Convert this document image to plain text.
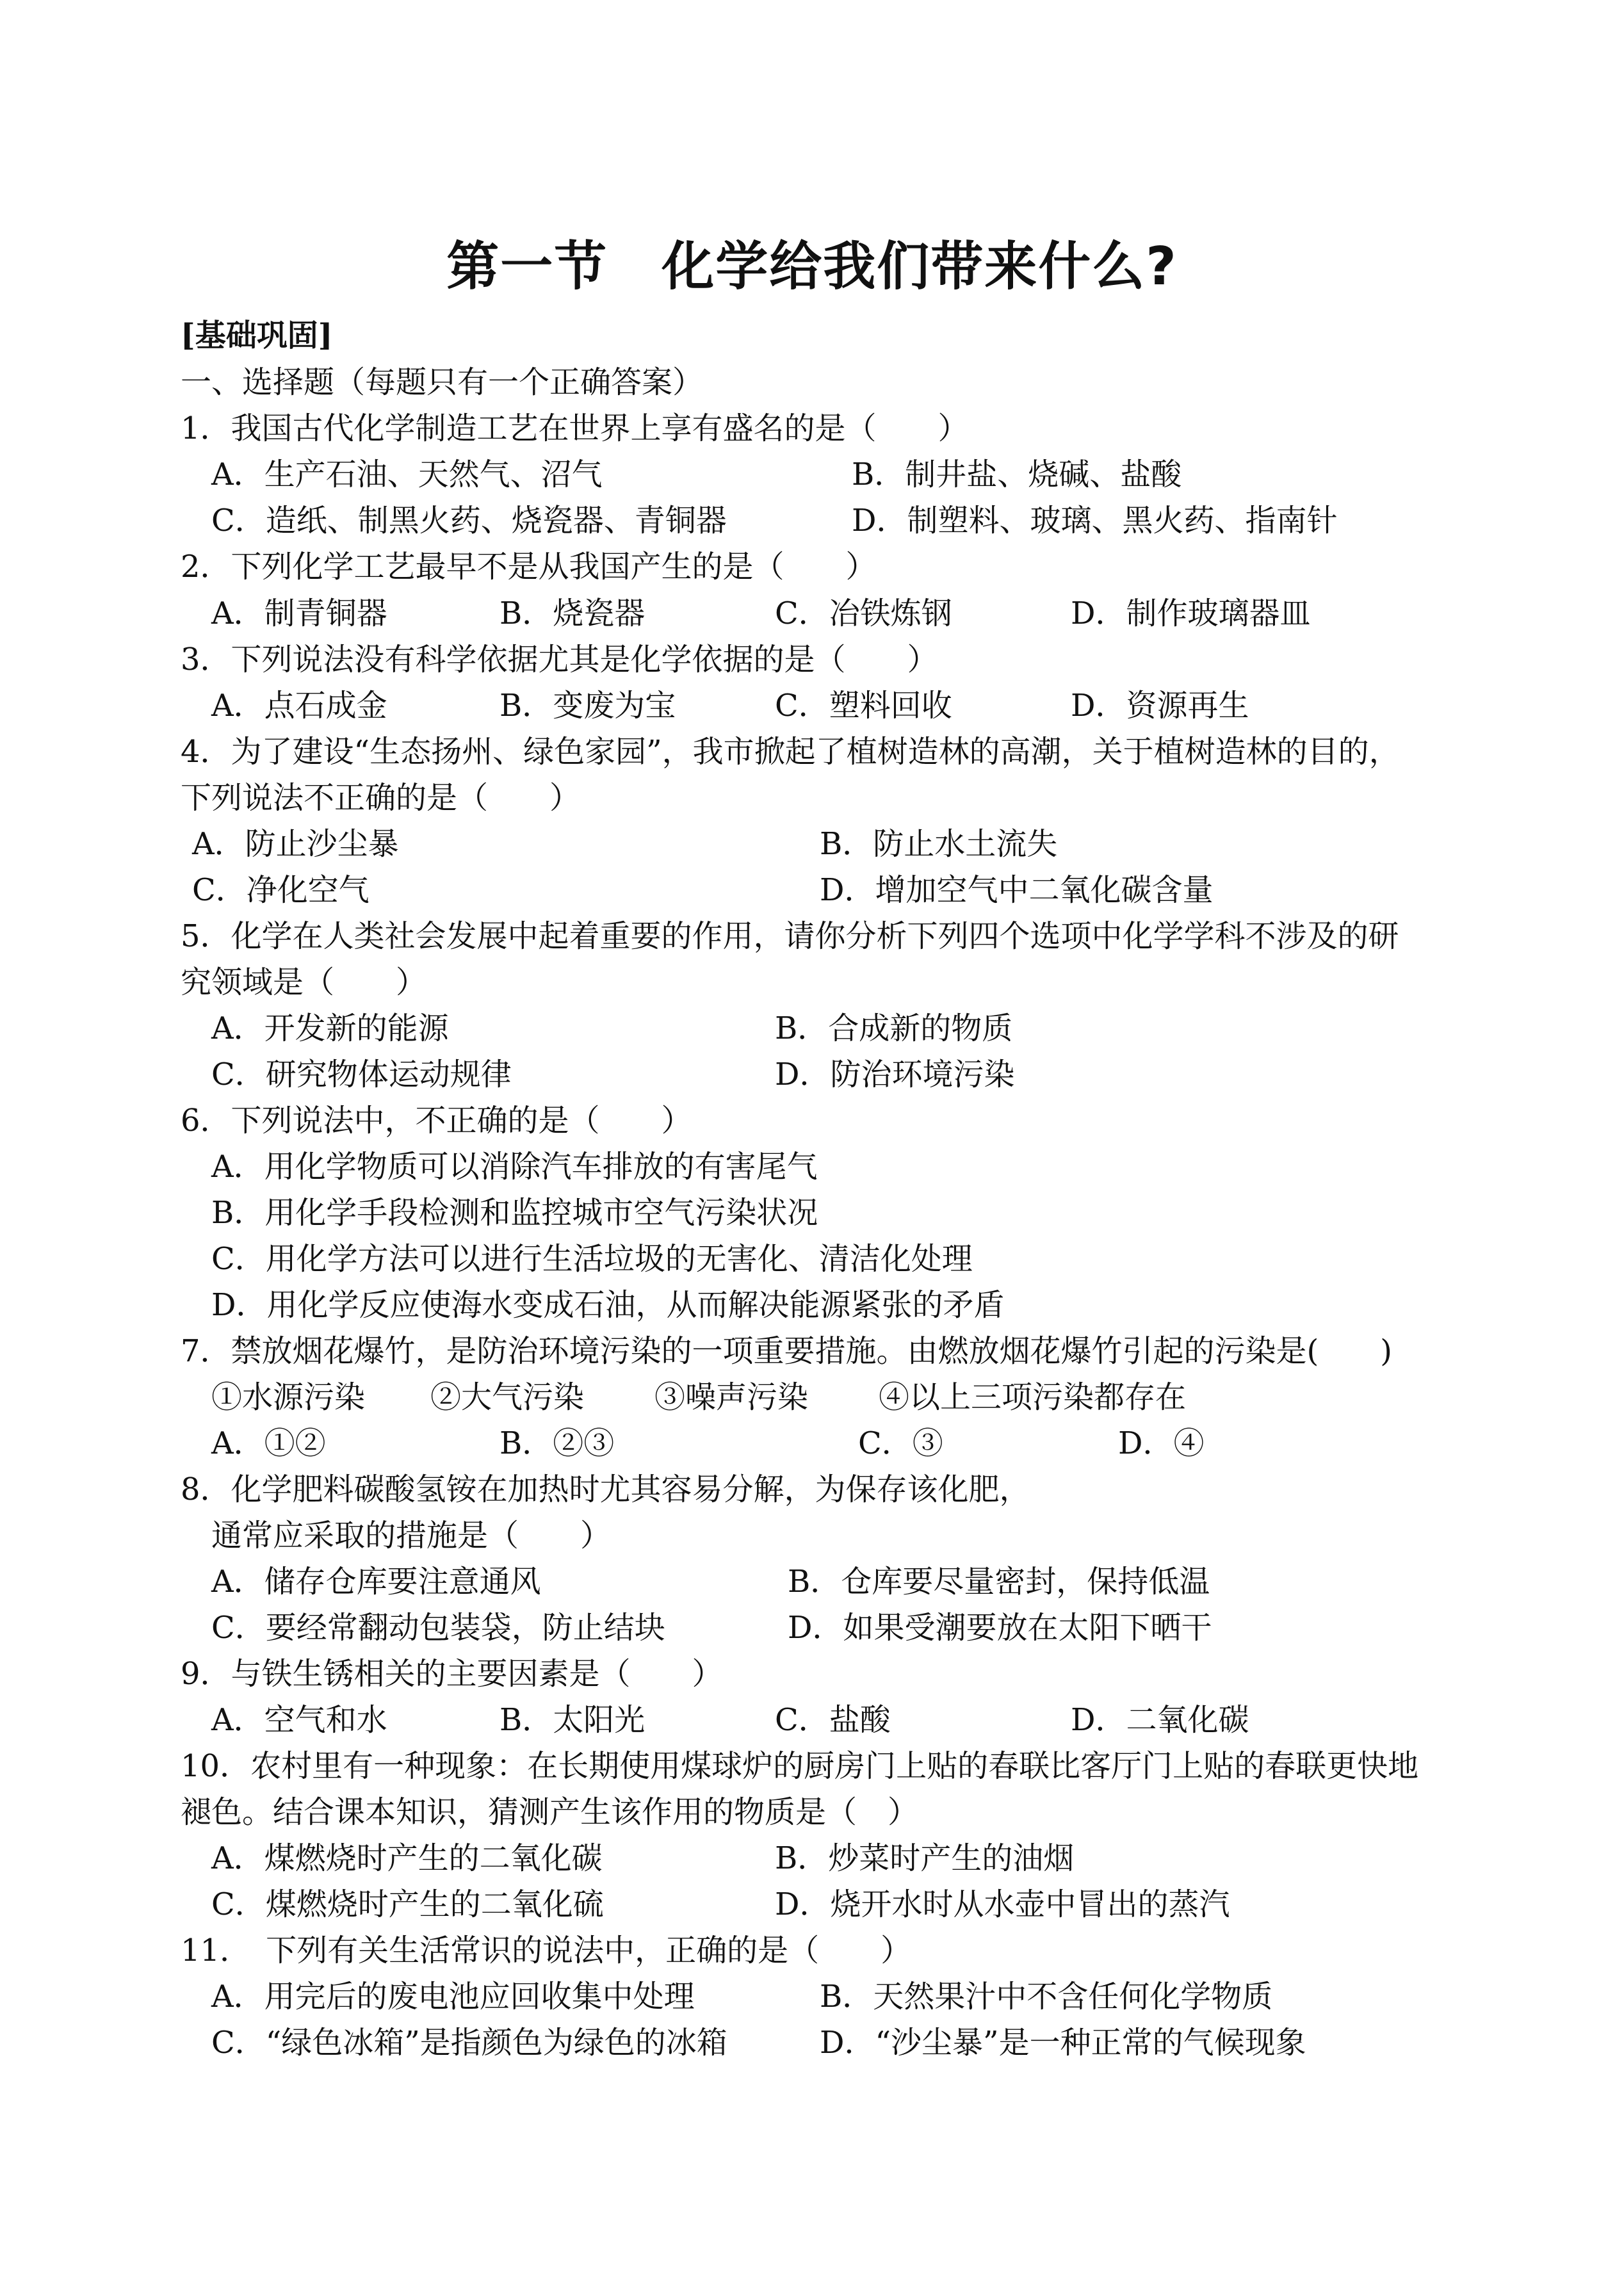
第一节　化学给我们带来什么?
[基础巩固]
一、选择题（每题只有一个正确答案）
1．我国古代化学制造工艺在世界上享有盛名的是（　　）
A．生产石油、天然气、沼气	B．制井盐、烧碱、盐酸
C．造纸、制黑火药、烧瓷器、青铜器	D．制塑料、玻璃、黑火药、指南针
2．下列化学工艺最早不是从我国产生的是（　　）
A．制青铜器	B．烧瓷器	C．冶铁炼钢	D．制作玻璃器皿
3．下列说法没有科学依据尤其是化学依据的是（　　）
A．点石成金	B．变废为宝	C．塑料回收	D．资源再生
4．为了建设“生态扬州、绿色家园”，我市掀起了植树造林的高潮，关于植树造林的目的，
下列说法不正确的是（　　）
A．防止沙尘暴	B．防止水土流失
C．净化空气	D．增加空气中二氧化碳含量
5．化学在人类社会发展中起着重要的作用，请你分析下列四个选项中化学学科不涉及的研
究领域是（　　）
A．开发新的能源	B．合成新的物质
C．研究物体运动规律	D．防治环境污染
6．下列说法中，不正确的是（　　）
A．用化学物质可以消除汽车排放的有害尾气
B．用化学手段检测和监控城市空气污染状况
C．用化学方法可以进行生活垃圾的无害化、清洁化处理
D．用化学反应使海水变成石油，从而解决能源紧张的矛盾
7．禁放烟花爆竹，是防治环境污染的一项重要措施。由燃放烟花爆竹引起的污染是(　　)
①水源污染 ②大气污染 ③噪声污染 ④以上三项污染都存在
A．①②	B．②③	C．③	D．④
8．化学肥料碳酸氢铵在加热时尤其容易分解，为保存该化肥，
通常应采取的措施是（　　）
A．储存仓库要注意通风	B．仓库要尽量密封，保持低温
C．要经常翻动包装袋，防止结块	D．如果受潮要放在太阳下晒干
9．与铁生锈相关的主要因素是（　　）
A．空气和水	B．太阳光	C．盐酸	D．二氧化碳
10．农村里有一种现象：在长期使用煤球炉的厨房门上贴的春联比客厅门上贴的春联更快地
褪色。结合课本知识，猜测产生该作用的物质是（　）
A．煤燃烧时产生的二氧化碳	B．炒菜时产生的油烟
C．煤燃烧时产生的二氧化硫	D．烧开水时从水壶中冒出的蒸汽
11．　下列有关生活常识的说法中，正确的是（　　）
A．用完后的废电池应回收集中处理	B．天然果汁中不含任何化学物质
C．“绿色冰箱”是指颜色为绿色的冰箱	D．“沙尘暴”是一种正常的气候现象
